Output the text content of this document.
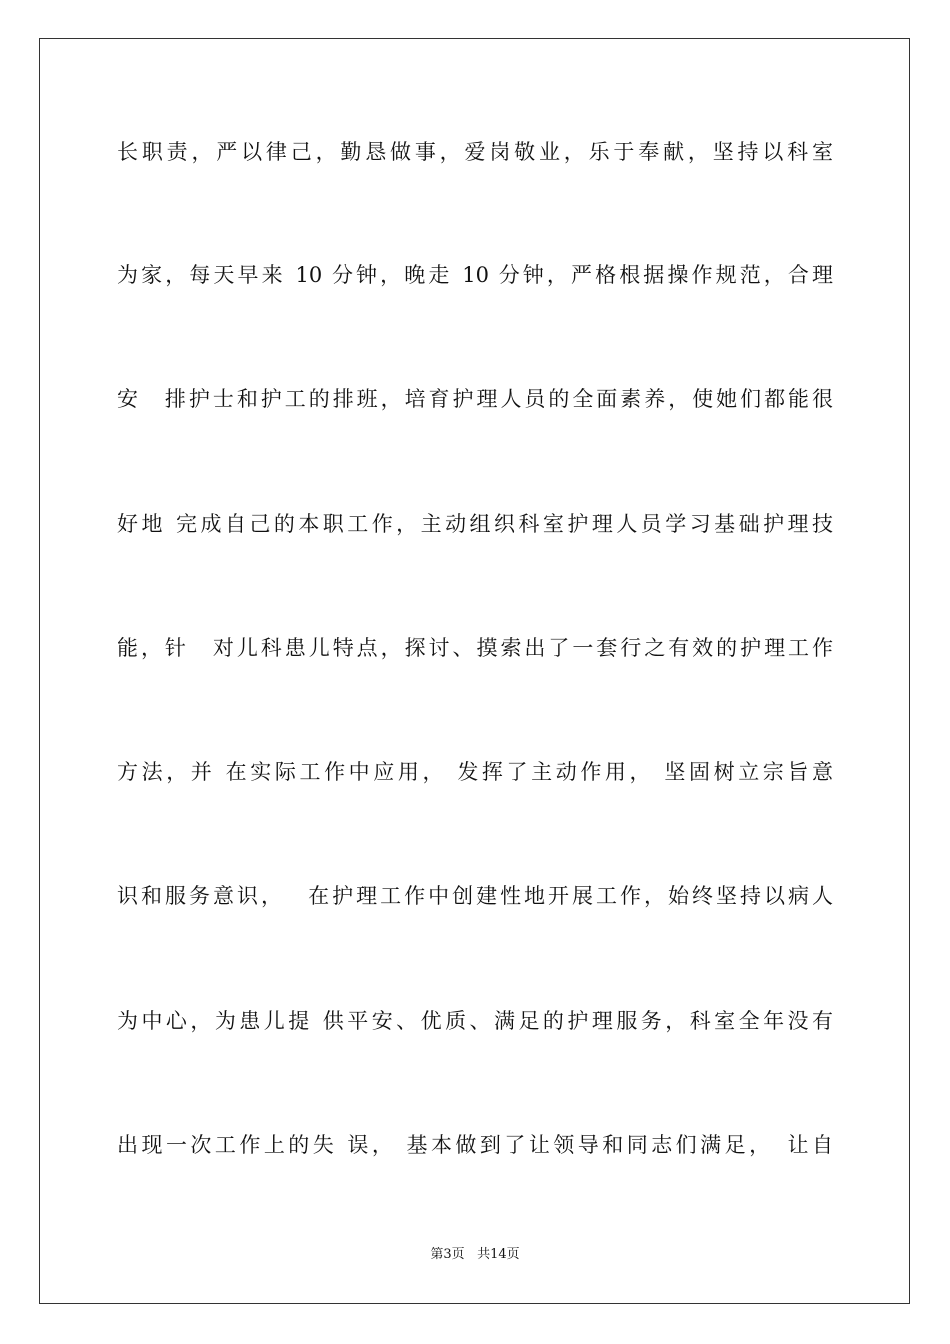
长职责，严以律己，勤恳做事，爱岗敬业，乐于奉献，坚持以科室
为家，每天早来 10 分钟，晚走 10 分钟，严格根据操作规范，合理
安　排护士和护工的排班，培育护理人员的全面素养，使她们都能很
好地 完成自己的本职工作，主动组织科室护理人员学习基础护理技
能，针　对儿科患儿特点，探讨、摸索出了一套行之有效的护理工作
方法，并 在实际工作中应用， 发挥了主动作用， 坚固树立宗旨意
识和服务意识，　 在护理工作中创建性地开展工作，始终坚持以病人
为中心，为患儿提 供平安、优质、满足的护理服务，科室全年没有
出现一次工作上的失 误， 基本做到了让领导和同志们满足，　让自
第3页 共14页
